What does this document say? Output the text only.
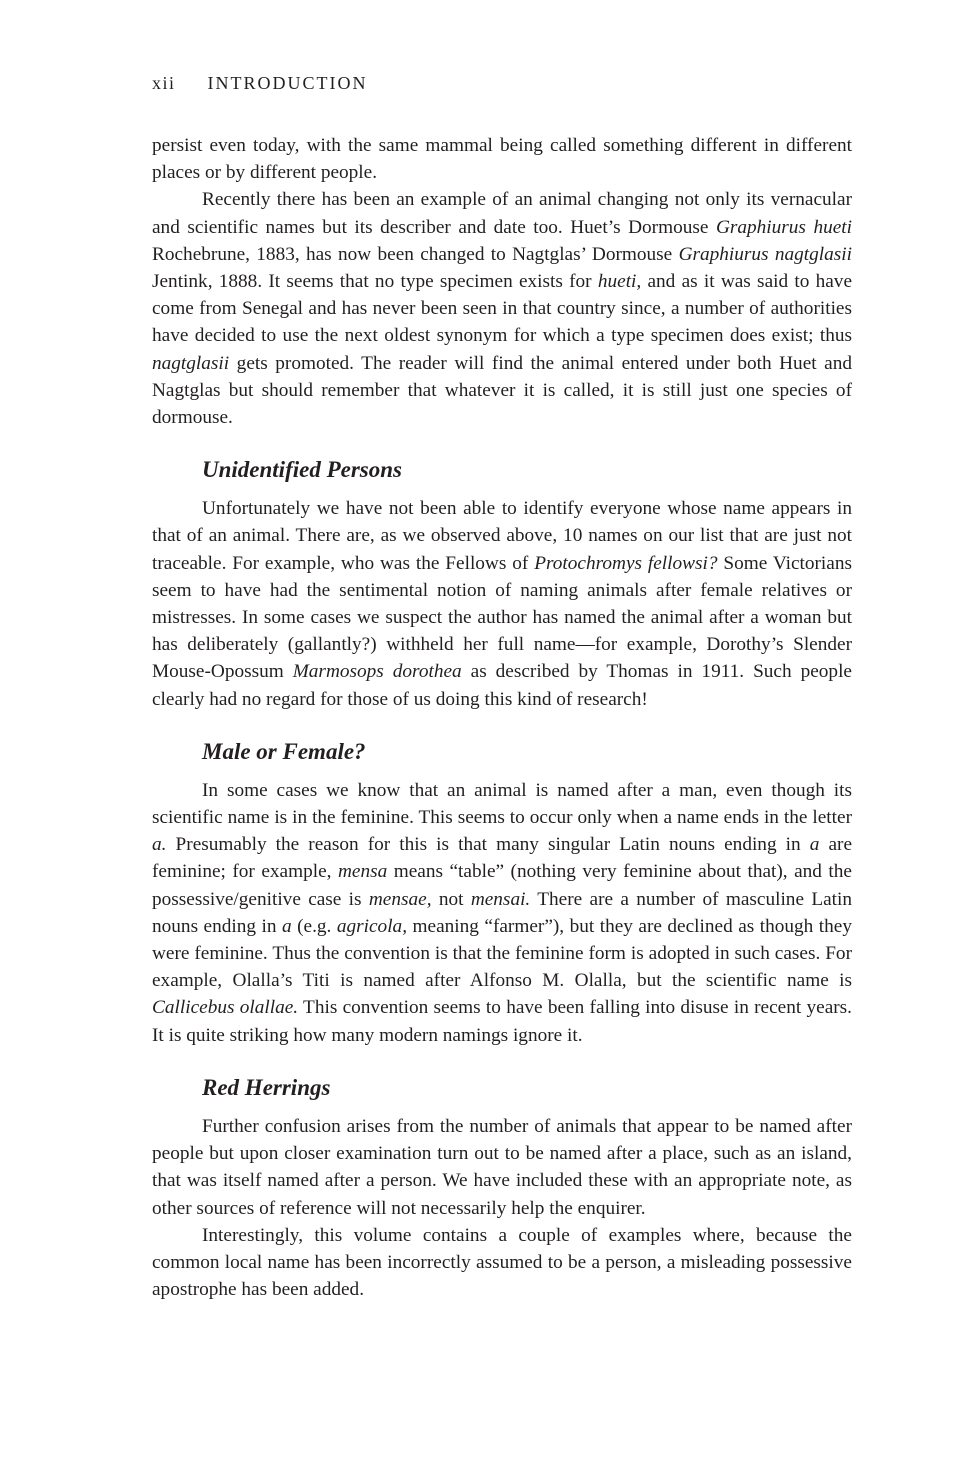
xii INTRODUCTION

persist even today, with the same mammal being called something different in different places or by different people.

Recently there has been an example of an animal changing not only its vernacular and scientific names but its describer and date too. Huet’s Dormouse Graphiurus hueti Rochebrune, 1883, has now been changed to Nagtglas’ Dormouse Graphiurus nagtglasii Jentink, 1888. It seems that no type specimen exists for hueti, and as it was said to have come from Senegal and has never been seen in that country since, a number of authorities have decided to use the next oldest synonym for which a type specimen does exist; thus nagtglasii gets promoted. The reader will find the animal entered under both Huet and Nagtglas but should remember that whatever it is called, it is still just one species of dormouse.

Unidentified Persons

Unfortunately we have not been able to identify everyone whose name appears in that of an animal. There are, as we observed above, 10 names on our list that are just not traceable. For example, who was the Fellows of Protochromys fellowsi? Some Victorians seem to have had the sentimental notion of naming animals after female relatives or mistresses. In some cases we suspect the author has named the animal after a woman but has deliberately (gallantly?) withheld her full name—for example, Dorothy’s Slender Mouse-Opossum Marmosops dorothea as described by Thomas in 1911. Such people clearly had no regard for those of us doing this kind of research!

Male or Female?

In some cases we know that an animal is named after a man, even though its scientific name is in the feminine. This seems to occur only when a name ends in the letter a. Presumably the reason for this is that many singular Latin nouns ending in a are feminine; for example, mensa means “table” (nothing very feminine about that), and the possessive/genitive case is mensae, not mensai. There are a number of masculine Latin nouns ending in a (e.g. agricola, meaning “farmer”), but they are declined as though they were feminine. Thus the convention is that the feminine form is adopted in such cases. For example, Olalla’s Titi is named after Alfonso M. Olalla, but the scientific name is Callicebus olallae. This convention seems to have been falling into disuse in recent years. It is quite striking how many modern namings ignore it.

Red Herrings

Further confusion arises from the number of animals that appear to be named after people but upon closer examination turn out to be named after a place, such as an island, that was itself named after a person. We have included these with an appropriate note, as other sources of reference will not necessarily help the enquirer.

Interestingly, this volume contains a couple of examples where, because the common local name has been incorrectly assumed to be a person, a misleading possessive apostrophe has been added.
